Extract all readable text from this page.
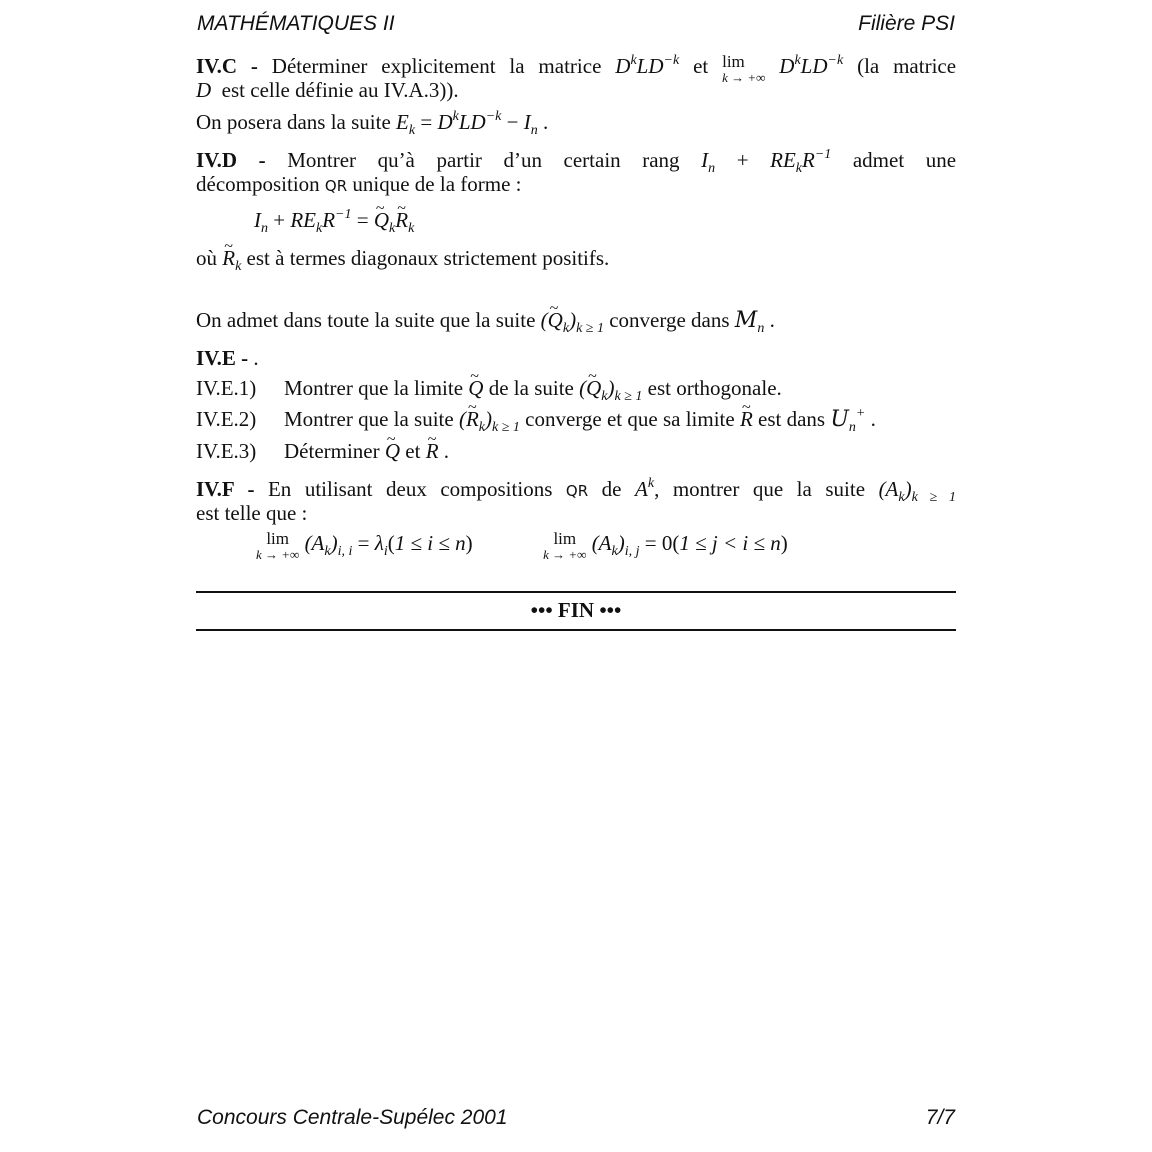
MATHÉMATIQUES II	Filière PSI
IV.C - Déterminer explicitement la matrice $D^kLD^{-k}$ et lim
k → +∞ $D^kLD^{-k}$ (la matrice
D est celle définie au IV.A.3)).
On posera dans la suite $E_k = D^kLD^{-k} - I_n$ .
IV.D - Montrer qu’à partir d’un certain rang $I_n + RE_kR^{-1}$ admet une
décomposition QR unique de la forme :
$I_n + RE_kR^{-1}$ = ~ $Q_k\sim$ $R_k$
où ~ $R_k$ est à termes diagonaux strictement positifs.
On admet dans toute la suite que la suite (~ $Q_k)_{k \ge 1}$ converge dans $M_n$ .
IV.E - .
IV.E.1) Montrer que la limite ~ Q de la suite (~ $Q_k)_{k \ge 1}$ est orthogonale.
IV.E.2) Montrer que la suite (~ $R_k)_{k \ge 1}$ converge et que sa limite ~ R est dans $U_n^+$ .
IV.E.3) Déterminer ~ Q et ~ R .
IV.F - En utilisant deux compositions QR de $A^k$, montrer que la suite $(A_k)_{k \ge 1}$
est telle que :
lim
k → +∞ $(A_k)_{i, i} = \lambda_i(1 \le i \le n)$	lim
k → +∞ $(A_k)_{i, j} = 0(1 \le j < i \le n)$
••• FIN •••
Concours Centrale-Supélec 2001	7/7
